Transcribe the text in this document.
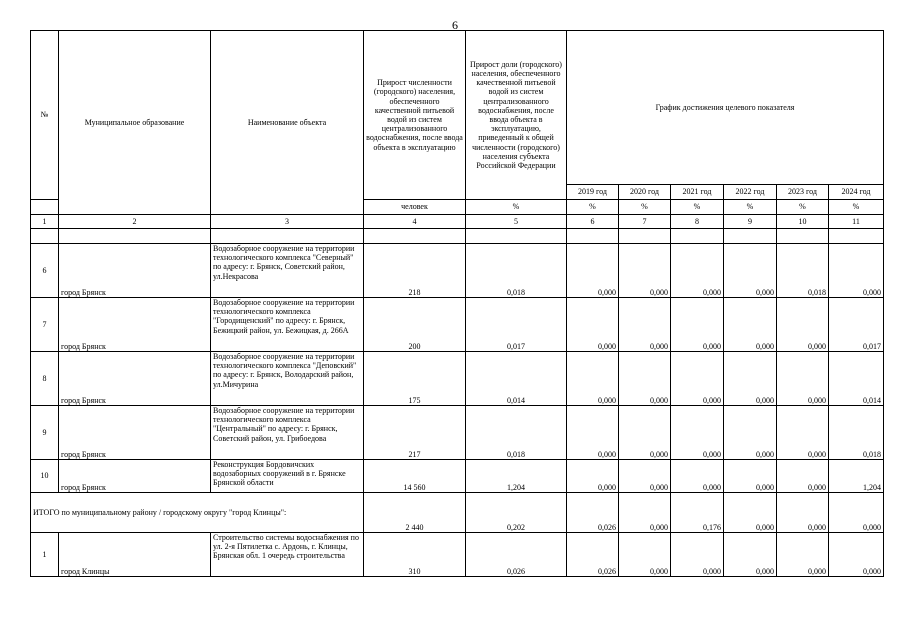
6
№	Муниципальное образование	Наименование объекта	Прирост численности (городского) населения, обеспеченного качественной питьевой водой из систем централизованного водоснабжения, после ввода объекта в эксплуатацию	Прирост доли (городского) населения, обеспеченного качественной питьевой водой из систем централизованного водоснабжения, после ввода объекта в эксплуатацию, приведенный к общей численности (городского) населения субъекта Российской Федерации	График достижения целевого показателя					
					2019 год	2020 год	2021 год	2022 год	2023 год	2024 год
			человек	%	%	%	%	%	%	%
1	2	3	4	5	6	7	8	9	10	11

6	город Брянск	Водозаборное сооружение на территории технологического комплекса "Северный" по адресу: г. Брянск, Советский район, ул.Некрасова	218	0,018	0,000	0,000	0,000	0,000	0,018	0,000
7	город Брянск	Водозаборное сооружение на территории технологического комплекса "Городищенский" по адресу: г. Брянск, Бежицкий район, ул. Бежицкая, д. 266А	200	0,017	0,000	0,000	0,000	0,000	0,000	0,017
8	город Брянск	Водозаборное сооружение на территории технологического комплекса "Деповский" по адресу: г. Брянск, Володарский район, ул.Мичурина	175	0,014	0,000	0,000	0,000	0,000	0,000	0,014
9	город Брянск	Водозаборное сооружение на территории технологического комплекса "Центральный" по адресу: г. Брянск, Советский район, ул. Грибоедова	217	0,018	0,000	0,000	0,000	0,000	0,000	0,018
10	город Брянск	Реконструкция Бордовичских водозаборных сооружений в г. Брянске Брянской области	14 560	1,204	0,000	0,000	0,000	0,000	0,000	1,204
ИТОГО по муниципальному району / городскому округу "город Клинцы":			2 440	0,202	0,026	0,000	0,176	0,000	0,000	0,000
1	город Клинцы	Строительство системы водоснабжения по ул. 2-я Пятилетка с. Ардонь, г. Клинцы, Брянская обл. 1 очередь строительства	310	0,026	0,026	0,000	0,000	0,000	0,000	0,000
